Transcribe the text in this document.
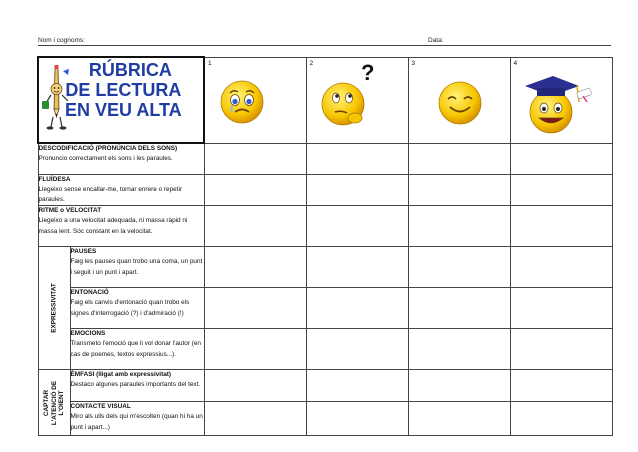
Nom i cognoms:	Data:
RÚBRICA
DE LECTURA
EN VEU ALTA		1	2 ?	3	4

DESCODIFICACIÓ (PRONÚNCIA DELS SONS)
Pronuncio correctament els sons i les paraules.					

FLUÏDESA
Llegeixo sense encallar-me, tornar enrere o repetir paraules.					

RITME o VELOCITAT
Llegeixo a una velocitat adequada, ni massa ràpid ni massa lent. Sóc constant en la velocitat.					

EXPRESSIVITAT	PAUSES
Faig les pauses quan trobo una coma, un punt i seguit i un punt i apart.				

	ENTONACIÓ
Faig els canvis d'entonació quan trobo els signes d'interrogació (?) i d'admiració (!)				

	EMOCIONS
Transmeto l'emoció que li vol donar l'autor (en cas de poemes, textos expressius...).				

CAPTAR L'ATENCIÓ DE L'OIENT	ÈMFASI (lligat amb expressivitat)
Destaco algunes paraules importants del text.				

	CONTACTE VISUAL
Miro als ulls dels qui m'escolten (quan hi ha un punt i apart...)				
